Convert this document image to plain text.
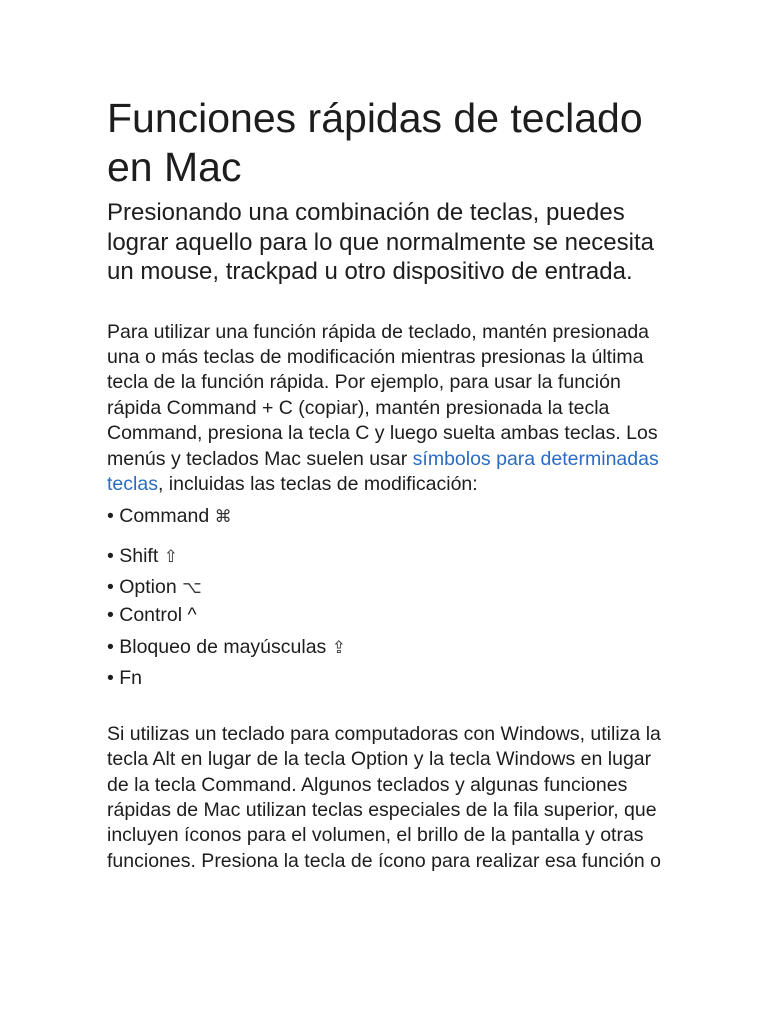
Funciones rápidas de teclado en Mac

Presionando una combinación de teclas, puedes lograr aquello para lo que normalmente se necesita un mouse, trackpad u otro dispositivo de entrada.

Para utilizar una función rápida de teclado, mantén presionada una o más teclas de modificación mientras presionas la última tecla de la función rápida. Por ejemplo, para usar la función rápida Command + C (copiar), mantén presionada la tecla Command, presiona la tecla C y luego suelta ambas teclas. Los menús y teclados Mac suelen usar símbolos para determinadas teclas, incluidas las teclas de modificación:

• Command ⌘
• Shift ⇧
• Option ⌥
• Control ^
• Bloqueo de mayúsculas ⇪
• Fn

Si utilizas un teclado para computadoras con Windows, utiliza la tecla Alt en lugar de la tecla Option y la tecla Windows en lugar de la tecla Command. Algunos teclados y algunas funciones rápidas de Mac utilizan teclas especiales de la fila superior, que incluyen íconos para el volumen, el brillo de la pantalla y otras funciones. Presiona la tecla de ícono para realizar esa función o
